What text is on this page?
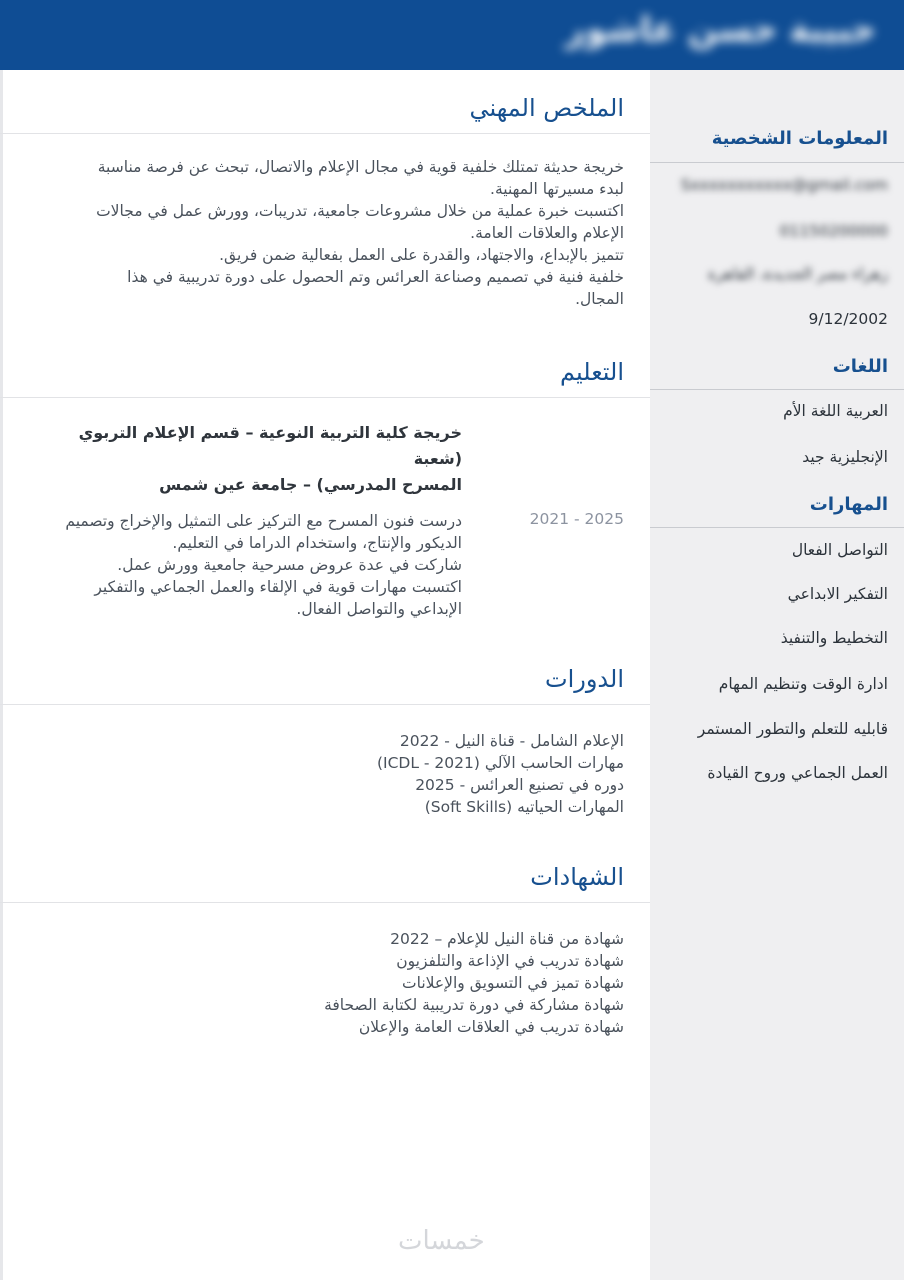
حبيبة حسن عاشور
المعلومات الشخصية
Sxxxxxxxxxxx@gmail.com
01150200000
زهراء مصر الجديدة، القاهرة
9/12/2002
اللغات
العربية اللغة الأم
الإنجليزية جيد
المهارات
التواصل الفعال
التفكير الابداعي
التخطيط والتنفيذ
ادارة الوقت وتنظيم المهام
قابليه للتعلم والتطور المستمر
العمل الجماعي وروح القيادة
الملخص المهني
خريجة حديثة تمتلك خلفية قوية في مجال الإعلام والاتصال، تبحث عن فرصة مناسبة
لبدء مسيرتها المهنية.
اكتسبت خبرة عملية من خلال مشروعات جامعية، تدريبات، وورش عمل في مجالات
الإعلام والعلاقات العامة.
تتميز بالإبداع، والاجتهاد، والقدرة على العمل بفعالية ضمن فريق.
خلفية فنية في تصميم وصناعة العرائس وتم الحصول على دورة تدريبية في هذا
المجال.
التعليم
خريجة كلية التربية النوعية – قسم الإعلام التربوي (شعبة
المسرح المدرسي) – جامعة عين شمس
2021 - 2025
درست فنون المسرح مع التركيز على التمثيل والإخراج وتصميم
الديكور والإنتاج، واستخدام الدراما في التعليم.
شاركت في عدة عروض مسرحية جامعية وورش عمل.
اكتسبت مهارات قوية في الإلقاء والعمل الجماعي والتفكير
الإبداعي والتواصل الفعال.
الدورات
الإعلام الشامل - قناة النيل - 2022
مهارات الحاسب الآلي (ICDL - 2021)
دوره في تصنيع العرائس - 2025
المهارات الحياتيه (Soft Skills)
الشهادات
شهادة من قناة النيل للإعلام – 2022
شهادة تدريب في الإذاعة والتلفزيون
شهادة تميز في التسويق والإعلانات
شهادة مشاركة في دورة تدريبية لكتابة الصحافة
شهادة تدريب في العلاقات العامة والإعلان
خمسات
